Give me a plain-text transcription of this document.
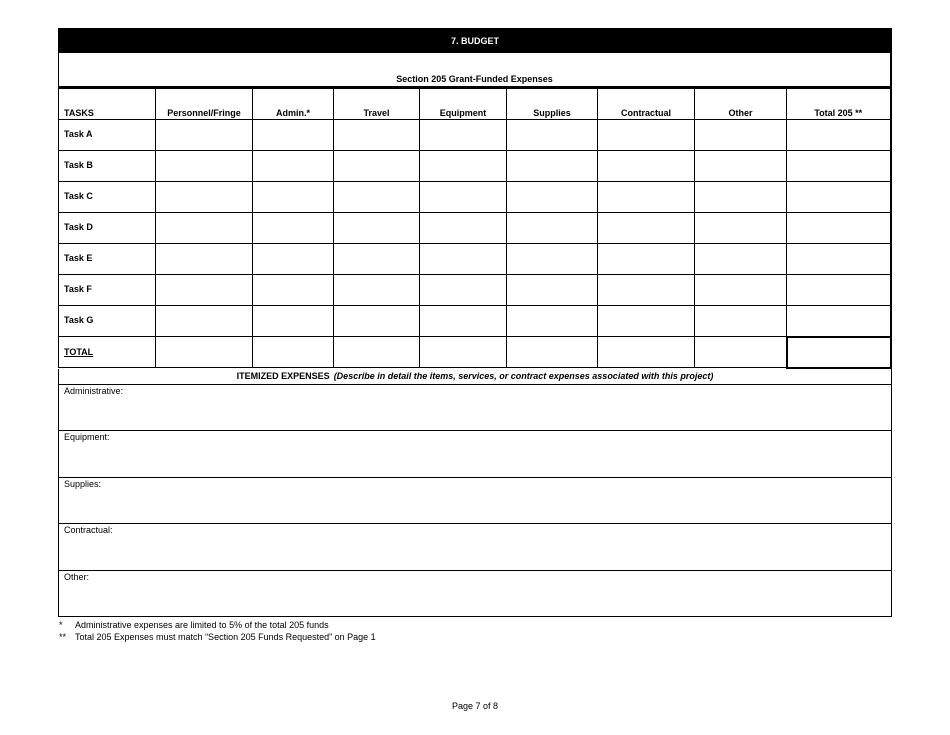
7. BUDGET
Section 205 Grant-Funded Expenses
TASKS	Personnel/Fringe	Admin.*	Travel	Equipment	Supplies	Contractual	Other	Total 205 **
Task A								
Task B								
Task C								
Task D								
Task E								
Task F								
Task G								
TOTAL								
ITEMIZED EXPENSES (Describe in detail the items, services, or contract expenses associated with this project)
Administrative:
Equipment:
Supplies:
Contractual:
Other:
*	Administrative expenses are limited to 5% of the total 205 funds
** Total 205 Expenses must match “Section 205 Funds Requested” on Page 1
Page 7 of 8
